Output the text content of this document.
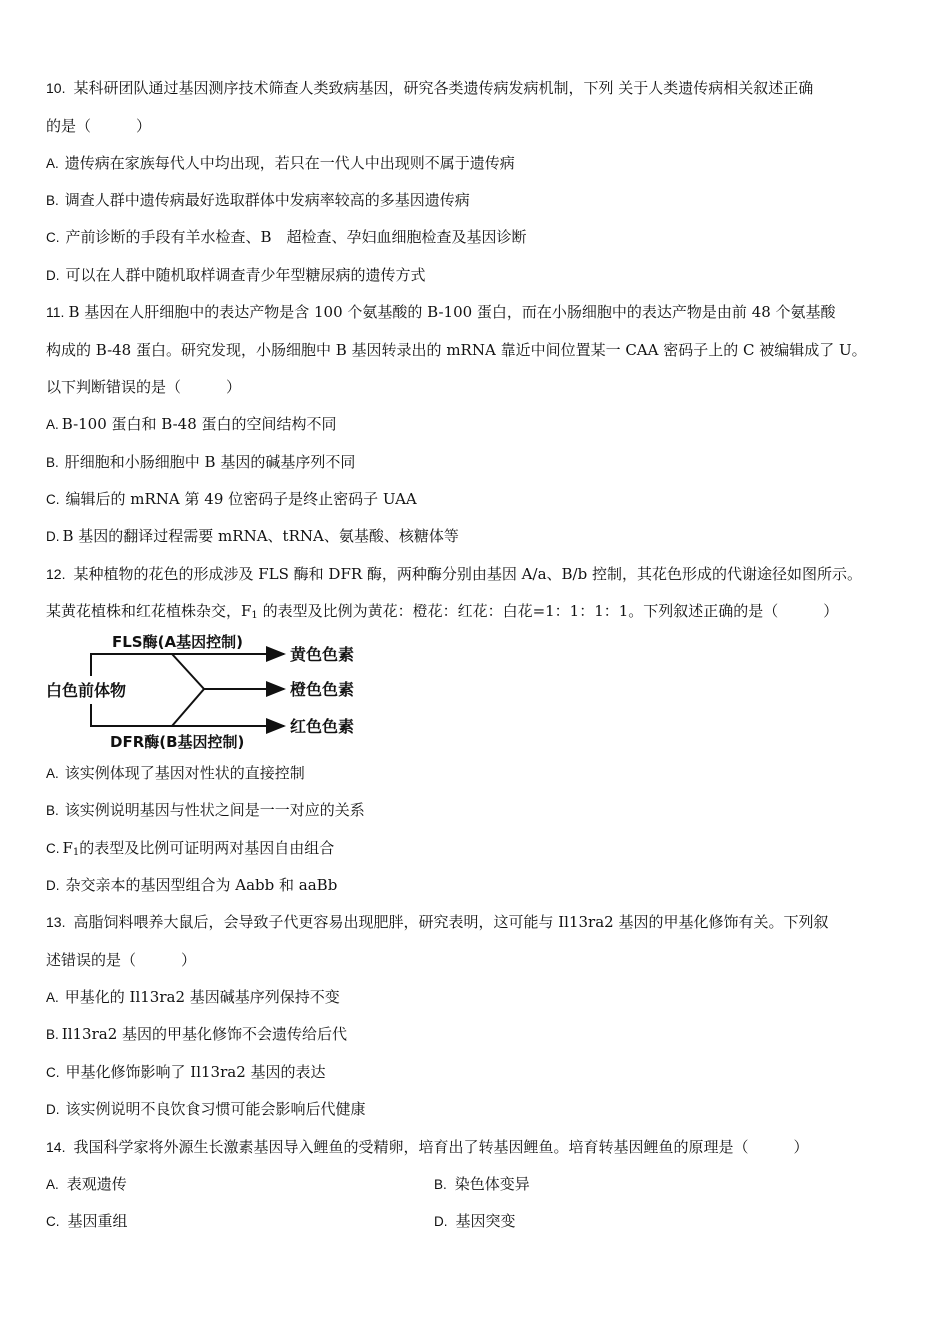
10. 某科研团队通过基因测序技术筛查人类致病基因，研究各类遗传病发病机制，下列 关于人类遗传病相关叙述正确
的是（　　　）
A. 遗传病在家族每代人中均出现，若只在一代人中出现则不属于遗传病
B. 调查人群中遗传病最好选取群体中发病率较高的多基因遗传病
C. 产前诊断的手段有羊水检查、B　超检查、孕妇血细胞检查及基因诊断
D. 可以在人群中随机取样调查青少年型糖尿病的遗传方式
11. B 基因在人肝细胞中的表达产物是含 100 个氨基酸的 B-100 蛋白，而在小肠细胞中的表达产物是由前 48 个氨基酸
构成的 B-48 蛋白。研究发现，小肠细胞中 B 基因转录出的 mRNA 靠近中间位置某一 CAA 密码子上的 C 被编辑成了 U。
以下判断错误的是（　　　）
A. B-100 蛋白和 B-48 蛋白的空间结构不同
B. 肝细胞和小肠细胞中 B 基因的碱基序列不同
C. 编辑后的 mRNA 第 49 位密码子是终止密码子 UAA
D. B 基因的翻译过程需要 mRNA、tRNA、氨基酸、核糖体等
12. 某种植物的花色的形成涉及 FLS 酶和 DFR 酶，两种酶分别由基因 A/a、B/b 控制，其花色形成的代谢途径如图所示。
某黄花植株和红花植株杂交，$F_1$ 的表型及比例为黄花：橙花：红花：白花=1：1：1：1。下列叙述正确的是（　　　）
白色前体物
FLS酶(A基因控制)
DFR酶(B基因控制)
黄色色素
橙色色素
红色色素
A. 该实例体现了基因对性状的直接控制
B. 该实例说明基因与性状之间是一一对应的关系
C. $F_1$的表型及比例可证明两对基因自由组合
D. 杂交亲本的基因型组合为 Aabb 和 aaBb
13. 高脂饲料喂养大鼠后，会导致子代更容易出现肥胖，研究表明，这可能与 Il13ra2 基因的甲基化修饰有关。下列叙
述错误的是（　　　）
A. 甲基化的 Il13ra2 基因碱基序列保持不变
B. Il13ra2 基因的甲基化修饰不会遗传给后代
C. 甲基化修饰影响了 Il13ra2 基因的表达
D. 该实例说明不良饮食习惯可能会影响后代健康
14. 我国科学家将外源生长激素基因导入鲤鱼的受精卵，培育出了转基因鲤鱼。培育转基因鲤鱼的原理是（　　　）
A. 表观遗传	B. 染色体变异
C. 基因重组	D. 基因突变
